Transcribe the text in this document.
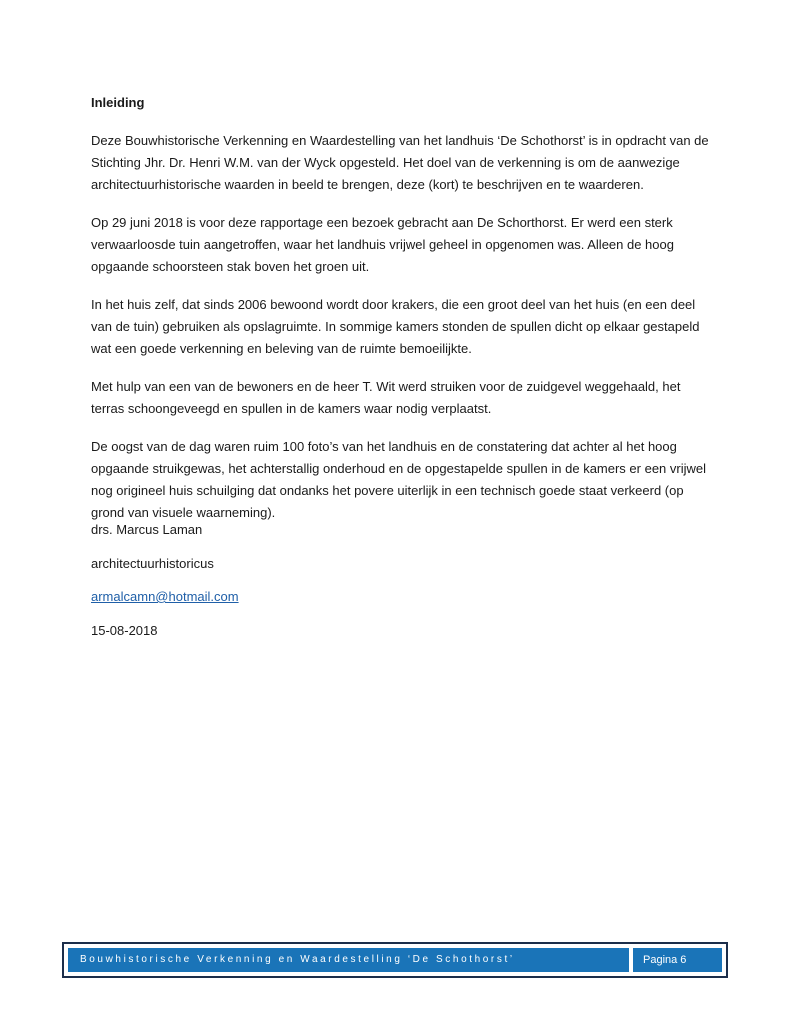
Inleiding

Deze Bouwhistorische Verkenning en Waardestelling van het landhuis ‘De Schothorst’ is in opdracht van de Stichting Jhr. Dr. Henri W.M. van der Wyck opgesteld. Het doel van de verkenning is om de aanwezige architectuurhistorische waarden in beeld te brengen, deze (kort) te beschrijven en te waarderen.

Op 29 juni 2018 is voor deze rapportage een bezoek gebracht aan De Schorthorst. Er werd een sterk verwaarloosde tuin aangetroffen, waar het landhuis vrijwel geheel in opgenomen was. Alleen de hoog opgaande schoorsteen stak boven het groen uit.

In het huis zelf, dat sinds 2006 bewoond wordt door krakers, die een groot deel van het huis (en een deel van de tuin) gebruiken als opslagruimte. In sommige kamers stonden de spullen dicht op elkaar gestapeld wat een goede verkenning en beleving van de ruimte bemoeilijkte.

Met hulp van een van de bewoners en de heer T. Wit werd struiken voor de zuidgevel weggehaald, het terras schoongeveegd en spullen in de kamers waar nodig verplaatst.

De oogst van de dag waren ruim 100 foto’s van het landhuis en de constatering dat achter al het hoog opgaande struikgewas, het achterstallig onderhoud en de opgestapelde spullen in de kamers er een vrijwel nog origineel huis schuilging dat ondanks het povere uiterlijk in een technisch goede staat verkeerd (op grond van visuele waarneming).

drs. Marcus Laman

architectuurhistoricus

armalcamn@hotmail.com

15-08-2018

Bouwhistorische Verkenning en Waardestelling ‘De Schothorst’	Pagina 6
